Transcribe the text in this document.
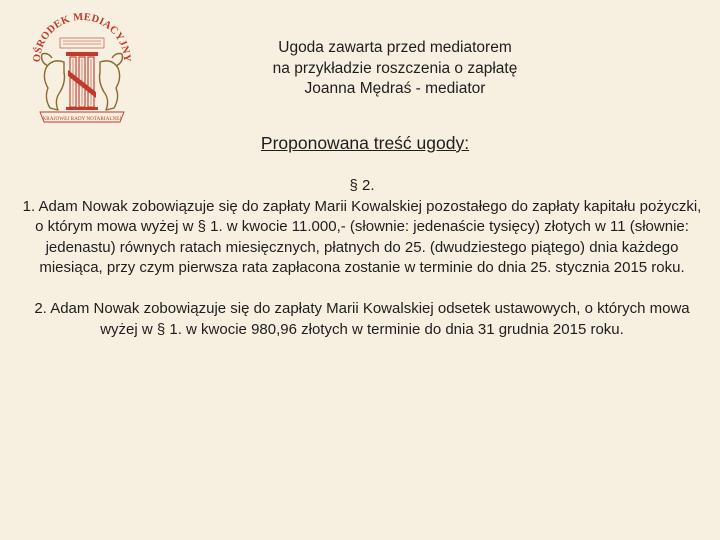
OŚRODEK MEDIACYJNY
KRAJOWEJ RADY NOTARIALNEJ
Ugoda zawarta przed mediatorem
na przykładzie roszczenia o zapłatę
Joanna Mędraś - mediator
Proponowana treść ugody:

§ 2.

1. Adam Nowak zobowiązuje się do zapłaty Marii Kowalskiej pozostałego do zapłaty kapitału pożyczki, o którym mowa wyżej w § 1. w kwocie 11.000,- (słownie: jedenaście tysięcy) złotych w 11 (słownie: jedenastu) równych ratach miesięcznych, płatnych do 25. (dwudziestego piątego) dnia każdego miesiąca, przy czym pierwsza rata zapłacona zostanie w terminie do dnia 25. stycznia 2015 roku.

2. Adam Nowak zobowiązuje się do zapłaty Marii Kowalskiej odsetek ustawowych, o których mowa wyżej w § 1. w kwocie 980,96 złotych w terminie do dnia 31 grudnia 2015 roku.
